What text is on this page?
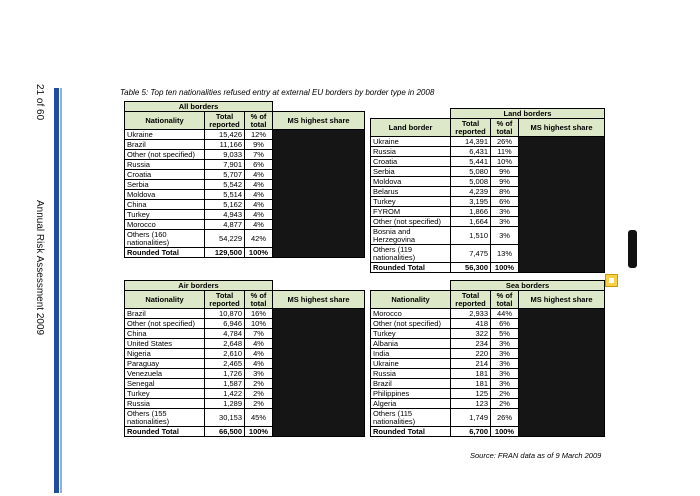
21 of 60
Annual Risk Assessment 2009
Table 5: Top ten nationalities refused entry at external EU borders by border type in 2008
All borders			
Nationality	Total reported	% of total	MS highest share
Ukraine	15,426	12%	
Brazil	11,166	9%	
Other (not specified)	9,033	7%	
Russia	7,901	6%	
Croatia	5,707	4%	
Serbia	5,542	4%	
Moldova	5,514	4%	
China	5,162	4%	
Turkey	4,943	4%	
Morocco	4,877	4%	
Others (160 nationalities)	54,229	42%	
Rounded Total	129,500	100%	
	Land borders		
Land border	Total reported	% of total	MS highest share
Ukraine	14,391	26%	
Russia	6,431	11%	
Croatia	5,441	10%	
Serbia	5,080	9%	
Moldova	5,008	9%	
Belarus	4,239	8%	
Turkey	3,195	6%	
FYROM	1,866	3%	
Other (not specified)	1,664	3%	
Bosnia and Herzegovina	1,510	3%	
Others (119 nationalities)	7,475	13%	
Rounded Total	56,300	100%	
Air borders			
Nationality	Total reported	% of total	MS highest share
Brazil	10,870	16%	
Other (not specified)	6,946	10%	
China	4,784	7%	
United States	2,648	4%	
Nigeria	2,610	4%	
Paraguay	2,465	4%	
Venezuela	1,726	3%	
Senegal	1,587	2%	
Turkey	1,422	2%	
Russia	1,289	2%	
Others (155 nationalities)	30,153	45%	
Rounded Total	66,500	100%	
	Sea borders		
Nationality	Total reported	% of total	MS highest share
Morocco	2,933	44%	
Other (not specified)	418	6%	
Turkey	322	5%	
Albania	234	3%	
India	220	3%	
Ukraine	214	3%	
Russia	181	3%	
Brazil	181	3%	
Philippines	125	2%	
Algeria	123	2%	
Others (115 nationalities)	1,749	26%	
Rounded Total	6,700	100%	
Source: FRAN data as of 9 March 2009
